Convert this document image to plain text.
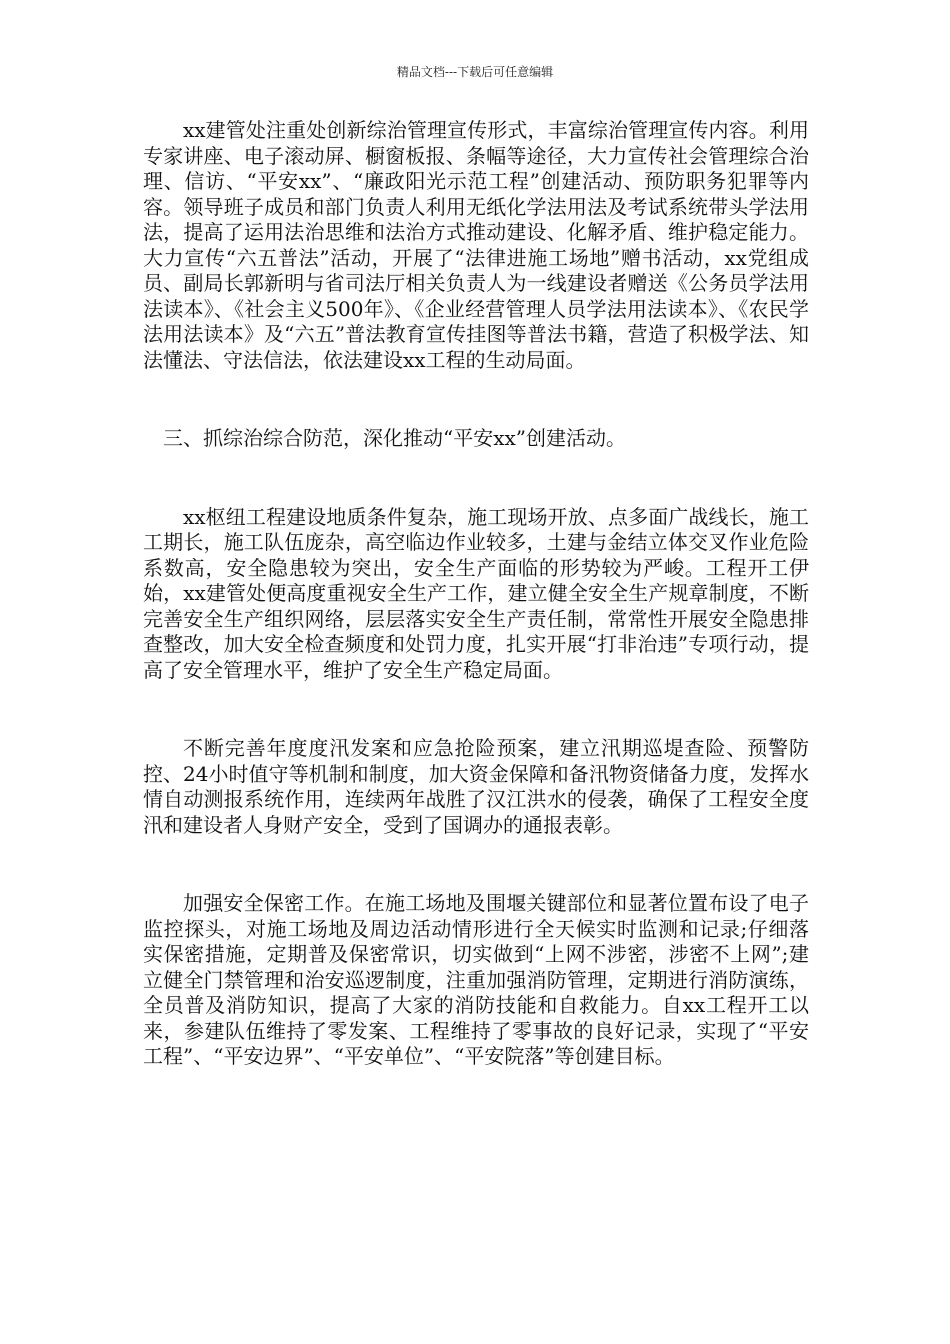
精品文档---下载后可任意编辑

xx建管处注重处创新综治管理宣传形式，丰富综治管理宣传内容。利用专家讲座、电子滚动屏、橱窗板报、条幅等途径，大力宣传社会管理综合治理、信访、“平安xx”、“廉政阳光示范工程”创建活动、预防职务犯罪等内容。领导班子成员和部门负责人利用无纸化学法用法及考试系统带头学法用法，提高了运用法治思维和法治方式推动建设、化解矛盾、维护稳定能力。大力宣传“六五普法”活动，开展了“法律进施工场地”赠书活动，xx党组成员、副局长郭新明与省司法厅相关负责人为一线建设者赠送《公务员学法用法读本》、《社会主义500年》、《企业经营管理人员学法用法读本》、《农民学法用法读本》及“六五”普法教育宣传挂图等普法书籍，营造了积极学法、知法懂法、守法信法，依法建设xx工程的生动局面。

三、抓综治综合防范，深化推动“平安xx”创建活动。

xx枢纽工程建设地质条件复杂，施工现场开放、点多面广战线长，施工工期长，施工队伍庞杂，高空临边作业较多，土建与金结立体交叉作业危险系数高，安全隐患较为突出，安全生产面临的形势较为严峻。工程开工伊始，xx建管处便高度重视安全生产工作，建立健全安全生产规章制度，不断完善安全生产组织网络，层层落实安全生产责任制，常常性开展安全隐患排查整改，加大安全检查频度和处罚力度，扎实开展“打非治违”专项行动，提高了安全管理水平，维护了安全生产稳定局面。

不断完善年度度汛发案和应急抢险预案，建立汛期巡堤查险、预警防控、24小时值守等机制和制度，加大资金保障和备汛物资储备力度，发挥水情自动测报系统作用，连续两年战胜了汉江洪水的侵袭，确保了工程安全度汛和建设者人身财产安全，受到了国调办的通报表彰。

加强安全保密工作。在施工场地及围堰关键部位和显著位置布设了电子监控探头，对施工场地及周边活动情形进行全天候实时监测和记录;仔细落实保密措施，定期普及保密常识，切实做到“上网不涉密，涉密不上网”;建立健全门禁管理和治安巡逻制度，注重加强消防管理，定期进行消防演练，全员普及消防知识，提高了大家的消防技能和自救能力。自xx工程开工以来，参建队伍维持了零发案、工程维持了零事故的良好记录，实现了“平安工程”、“平安边界”、“平安单位”、“平安院落”等创建目标。
